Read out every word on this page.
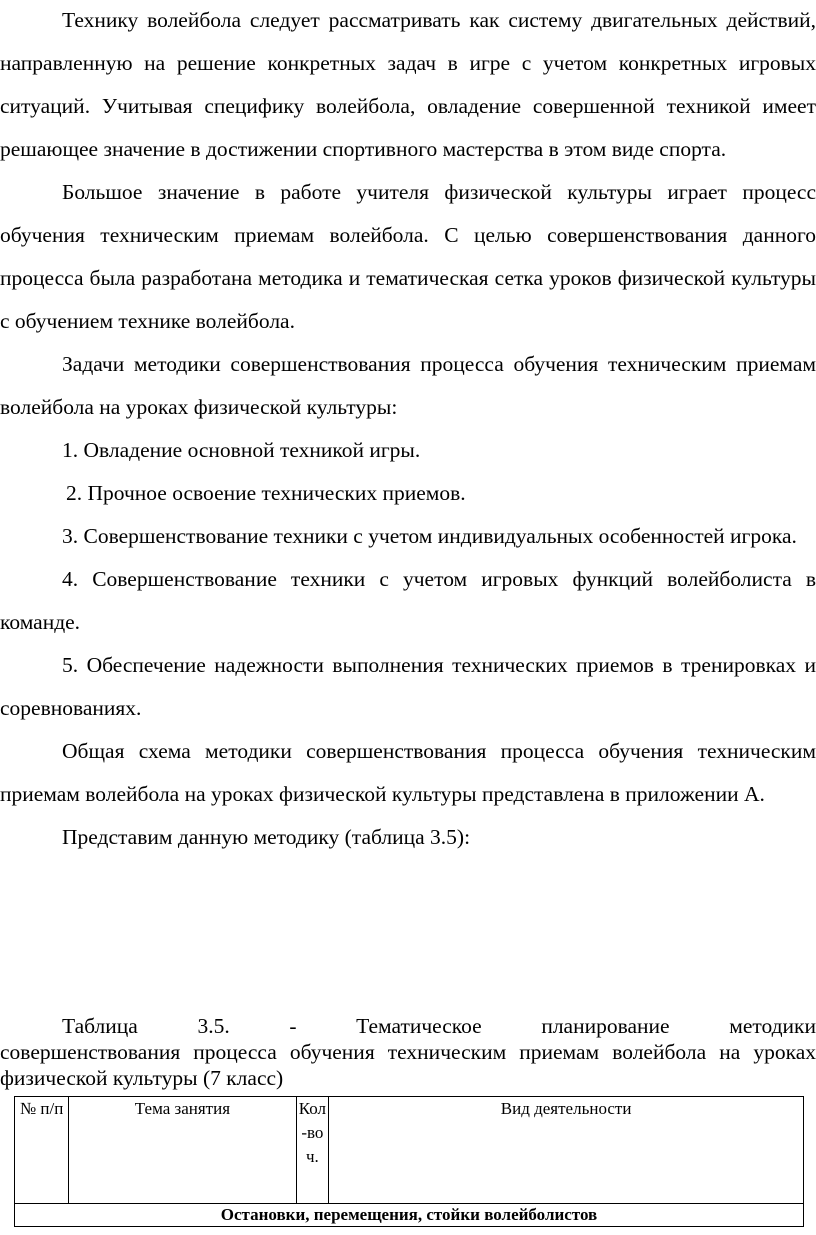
Технику волейбола следует рассматривать как систему двигательных действий, направленную на решение конкретных задач в игре с учетом конкретных игровых ситуаций. Учитывая специфику волейбола, овладение совершенной техникой имеет решающее значение в достижении спортивного мастерства в этом виде спорта.

Большое значение в работе учителя физической культуры играет процесс обучения техническим приемам волейбола. С целью совершенствования данного процесса была разработана методика и тематическая сетка уроков физической культуры с обучением технике волейбола.

Задачи методики совершенствования процесса обучения техническим приемам волейбола на уроках физической культуры:

1. Овладение основной техникой игры.

2. Прочное освоение технических приемов.

3. Совершенствование техники с учетом индивидуальных особенностей игрока.

4. Совершенствование техники с учетом игровых функций волейболиста в команде.

5. Обеспечение надежности выполнения технических приемов в тренировках и соревнованиях.

Общая схема методики совершенствования процесса обучения техническим приемам волейбола на уроках физической культуры представлена в приложении А.

Представим данную методику (таблица 3.5):

Таблица 3.5. - Тематическое планирование методики
совершенствования процесса обучения техническим приемам волейбола на уроках физической культуры (7 класс)

№ п/п	Тема занятия	Кол-воч.	Вид деятельности
Остановки, перемещения, стойки волейболистов
